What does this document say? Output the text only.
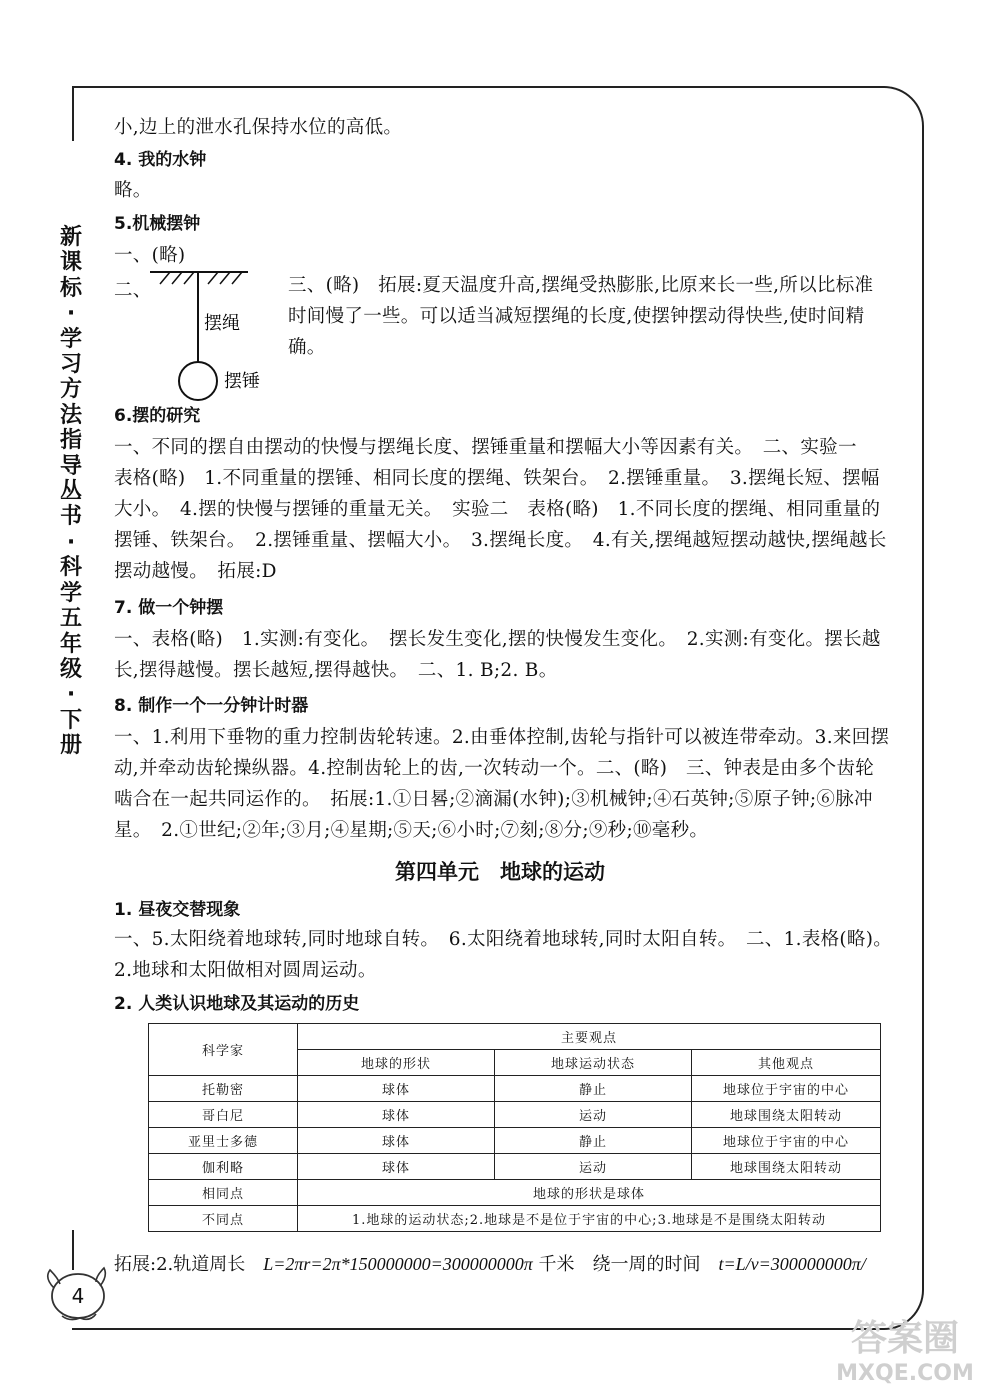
新
课
标
·
学
习
方
法
指
导
丛
书
·
科
学
五
年
级
·
下
册

小,边上的泄水孔保持水位的高低。

4. 我的水钟

略。

5.机械摆钟

一、(略)

二、

摆绳
摆锤

三、(略)　拓展:夏天温度升高,摆绳受热膨胀,比原来长一些,所以比标准时间慢了一些。可以适当减短摆绳的长度,使摆钟摆动得快些,使时间精确。

6.摆的研究

一、不同的摆自由摆动的快慢与摆绳长度、摆锤重量和摆幅大小等因素有关。　二、实验一　表格(略)　1.不同重量的摆锤、相同长度的摆绳、铁架台。　2.摆锤重量。　3.摆绳长短、摆幅大小。　4.摆的快慢与摆锤的重量无关。　实验二　表格(略)　1.不同长度的摆绳、相同重量的摆锤、铁架台。　2.摆锤重量、摆幅大小。　3.摆绳长度。　4.有关,摆绳越短摆动越快,摆绳越长摆动越慢。　拓展:D

7. 做一个钟摆

一、表格(略)　1.实测:有变化。　摆长发生变化,摆的快慢发生变化。　2.实测:有变化。摆长越长,摆得越慢。摆长越短,摆得越快。　二、1. B;2. B。

8. 制作一个一分钟计时器

一、1.利用下垂物的重力控制齿轮转速。2.由垂体控制,齿轮与指针可以被连带牵动。3.来回摆动,并牵动齿轮操纵器。4.控制齿轮上的齿,一次转动一个。二、(略)　三、钟表是由多个齿轮啮合在一起共同运作的。　拓展:1.①日晷;②滴漏(水钟);③机械钟;④石英钟;⑤原子钟;⑥脉冲星。　2.①世纪;②年;③月;④星期;⑤天;⑥小时;⑦刻;⑧分;⑨秒;⑩毫秒。

第四单元　地球的运动
1. 昼夜交替现象

一、5.太阳绕着地球转,同时地球自转。　6.太阳绕着地球转,同时太阳自转。　二、1.表格(略)。　2.地球和太阳做相对圆周运动。

2. 人类认识地球及其运动的历史
科学家	主要观点		
	地球的形状	地球运动状态	其他观点
托勒密	球体	静止	地球位于宇宙的中心
哥白尼	球体	运动	地球围绕太阳转动
亚里士多德	球体	静止	地球位于宇宙的中心
伽利略	球体	运动	地球围绕太阳转动
相同点	地球的形状是球体		
不同点	1.地球的运动状态;2.地球是不是位于宇宙的中心;3.地球是不是围绕太阳转动		
拓展:2.轨道周长　L=2πr=2π*150000000=300000000π 千米　绕一周的时间　t=L/v=300000000π/
4
答案圈
MXQE.COM
